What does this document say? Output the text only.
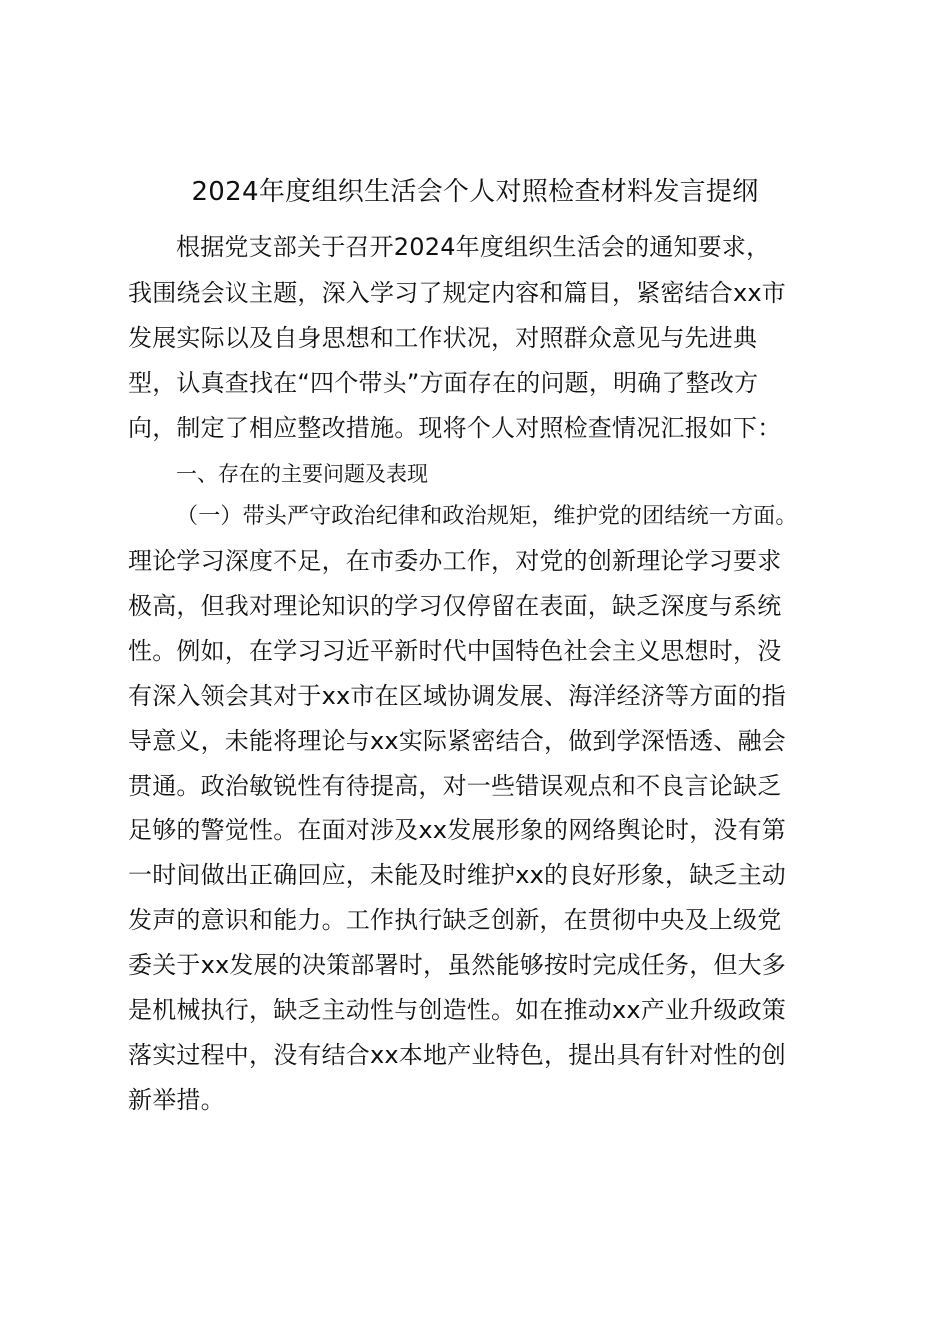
2024年度组织生活会个人对照检查材料发言提纲
根据党支部关于召开2024年度组织生活会的通知要求，
我围绕会议主题，深入学习了规定内容和篇目，紧密结合xx市
发展实际以及自身思想和工作状况，对照群众意见与先进典
型，认真查找在“四个带头”方面存在的问题，明确了整改方
向，制定了相应整改措施。现将个人对照检查情况汇报如下：
一、存在的主要问题及表现
（一）带头严守政治纪律和政治规矩，维护党的团结统一方面。
理论学习深度不足，在市委办工作，对党的创新理论学习要求
极高，但我对理论知识的学习仅停留在表面，缺乏深度与系统
性。例如，在学习习近平新时代中国特色社会主义思想时，没
有深入领会其对于xx市在区域协调发展、海洋经济等方面的指
导意义，未能将理论与xx实际紧密结合，做到学深悟透、融会
贯通。政治敏锐性有待提高，对一些错误观点和不良言论缺乏
足够的警觉性。在面对涉及xx发展形象的网络舆论时，没有第
一时间做出正确回应，未能及时维护xx的良好形象，缺乏主动
发声的意识和能力。工作执行缺乏创新，在贯彻中央及上级党
委关于xx发展的决策部署时，虽然能够按时完成任务，但大多
是机械执行，缺乏主动性与创造性。如在推动xx产业升级政策
落实过程中，没有结合xx本地产业特色，提出具有针对性的创
新举措。
